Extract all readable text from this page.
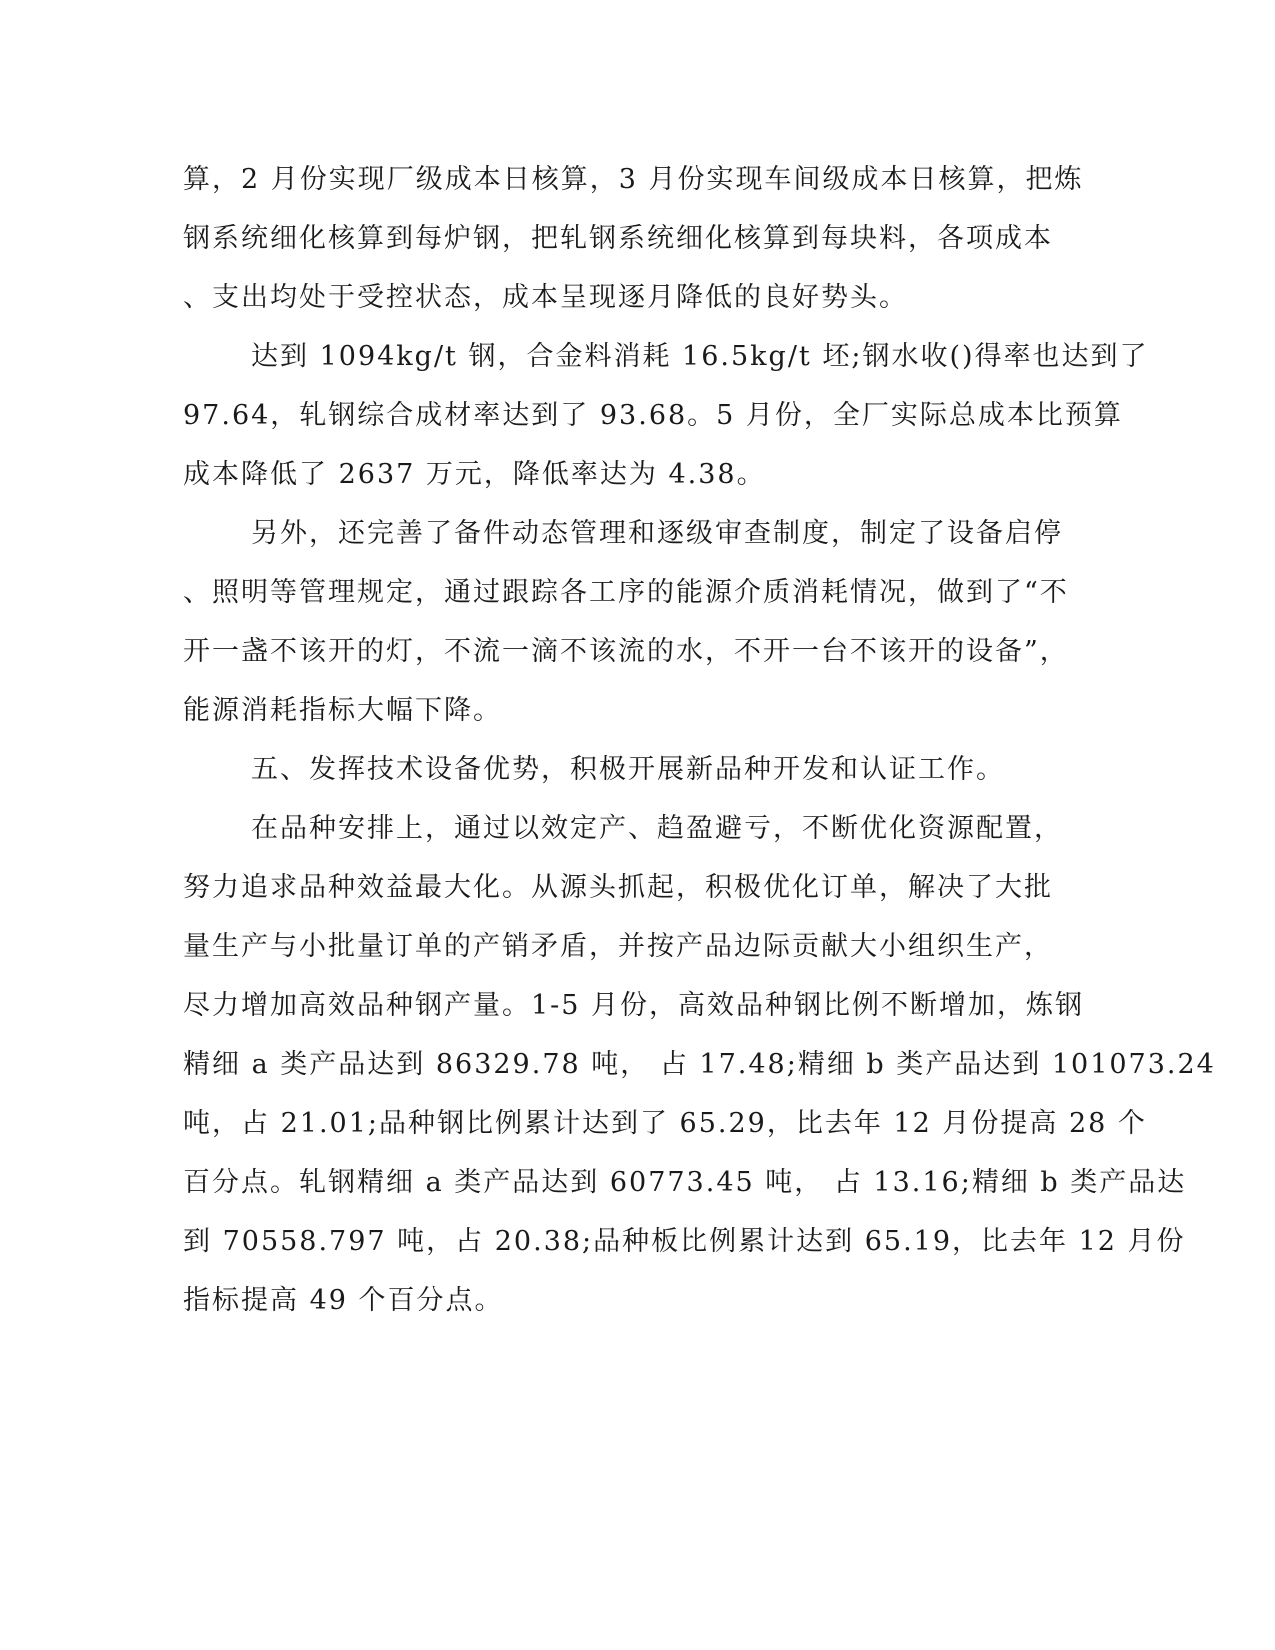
算，2 月份实现厂级成本日核算，3 月份实现车间级成本日核算，把炼
钢系统细化核算到每炉钢，把轧钢系统细化核算到每块料，各项成本
、支出均处于受控状态，成本呈现逐月降低的良好势头。
达到 1094kg/t 钢，合金料消耗 16.5kg/t 坯;钢水收()得率也达到了
97.64，轧钢综合成材率达到了 93.68。5 月份，全厂实际总成本比预算
成本降低了 2637 万元，降低率达为 4.38。
另外，还完善了备件动态管理和逐级审查制度，制定了设备启停
、照明等管理规定，通过跟踪各工序的能源介质消耗情况，做到了“不
开一盏不该开的灯，不流一滴不该流的水，不开一台不该开的设备”，
能源消耗指标大幅下降。
五、发挥技术设备优势，积极开展新品种开发和认证工作。
在品种安排上，通过以效定产、趋盈避亏，不断优化资源配置，
努力追求品种效益最大化。从源头抓起，积极优化订单，解决了大批
量生产与小批量订单的产销矛盾，并按产品边际贡献大小组织生产，
尽力增加高效品种钢产量。1-5 月份，高效品种钢比例不断增加，炼钢
精细 a 类产品达到 86329.78 吨， 占 17.48;精细 b 类产品达到 101073.24
吨，占 21.01;品种钢比例累计达到了 65.29，比去年 12 月份提高 28 个
百分点。轧钢精细 a 类产品达到 60773.45 吨， 占 13.16;精细 b 类产品达
到 70558.797 吨，占 20.38;品种板比例累计达到 65.19，比去年 12 月份
指标提高 49 个百分点。
